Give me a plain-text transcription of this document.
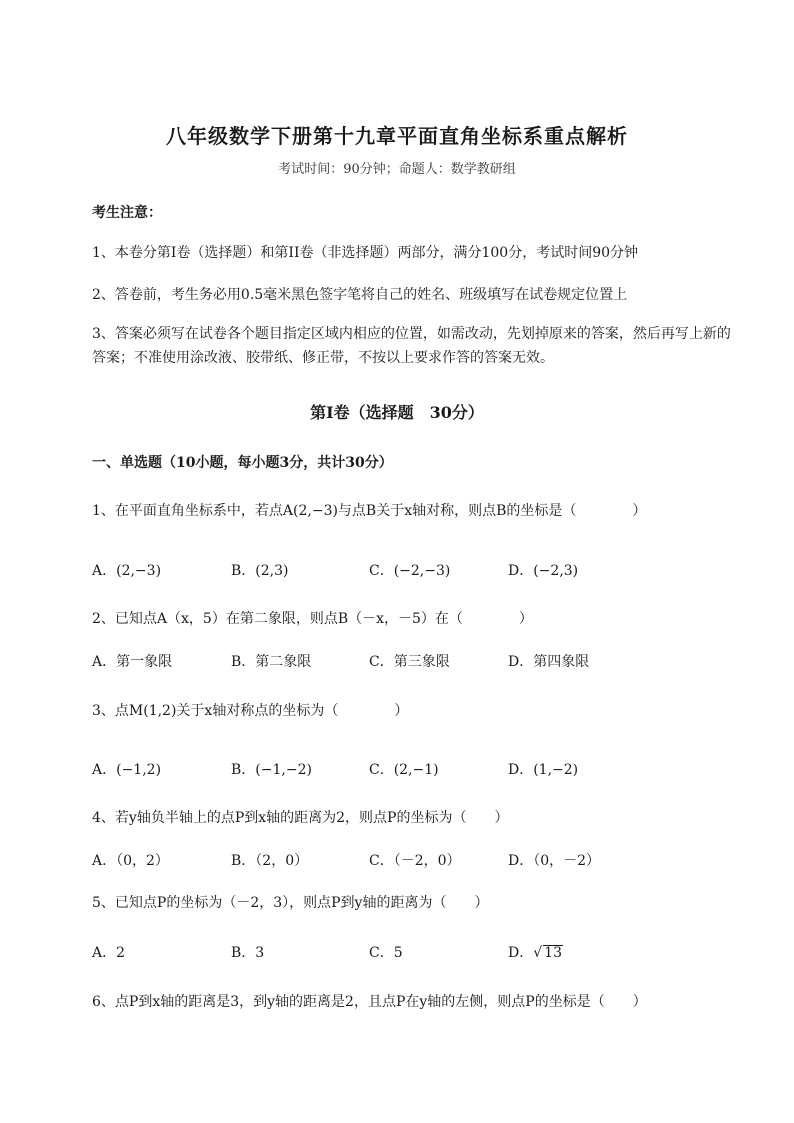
八年级数学下册第十九章平面直角坐标系重点解析
考试时间：90分钟；命题人：数学教研组
考生注意：
1、本卷分第I卷（选择题）和第II卷（非选择题）两部分，满分100分，考试时间90分钟
2、答卷前，考生务必用0.5毫米黑色签字笔将自己的姓名、班级填写在试卷规定位置上
3、答案必须写在试卷各个题目指定区域内相应的位置，如需改动，先划掉原来的答案，然后再写上新的答案；不准使用涂改液、胶带纸、修正带，不按以上要求作答的答案无效。
第I卷（选择题　30分）
一、单选题（10小题，每小题3分，共计30分）
1、在平面直角坐标系中，若点A(2,−3)与点B关于x轴对称，则点B的坐标是（　　　　）
A．(2,−3)	B．(2,3)	C．(−2,−3)	D．(−2,3)
2、已知点A（x，5）在第二象限，则点B（－x，－5）在（　　　　）
A．第一象限	B．第二象限	C．第三象限	D．第四象限
3、点M(1,2)关于x轴对称点的坐标为（　　　　）
A．(−1,2)	B．(−1,−2)	C．(2,−1)	D．(1,−2)
4、若y轴负半轴上的点P到x轴的距离为2，则点P的坐标为（　　）
A．（0，2）	B．（2，0）	C．（－2，0）	D．（0，－2）
5、已知点P的坐标为（－2，3），则点P到y轴的距离为（　　）
A．2	B．3	C．5	D．√ 13
6、点P到x轴的距离是3，到y轴的距离是2，且点P在y轴的左侧，则点P的坐标是（　　）
